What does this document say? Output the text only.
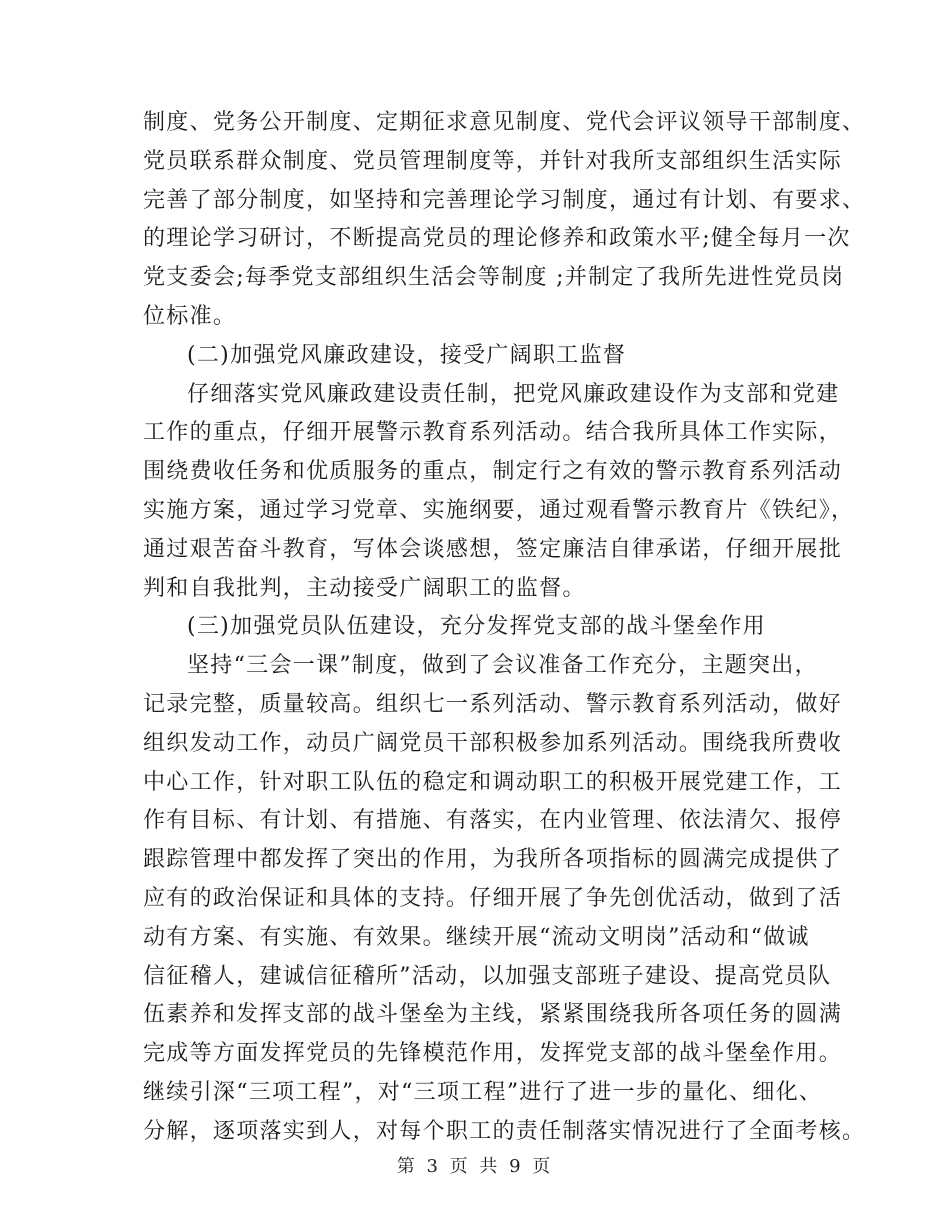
制度、党务公开制度、定期征求意见制度、党代会评议领导干部制度、
党员联系群众制度、党员管理制度等，并针对我所支部组织生活实际
完善了部分制度，如坚持和完善理论学习制度，通过有计划、有要求、
的理论学习研讨，不断提高党员的理论修养和政策水平;健全每月一次
党支委会;每季党支部组织生活会等制度 ;并制定了我所先进性党员岗
位标准。
(二)加强党风廉政建设，接受广阔职工监督
仔细落实党风廉政建设责任制，把党风廉政建设作为支部和党建
工作的重点，仔细开展警示教育系列活动。结合我所具体工作实际，
围绕费收任务和优质服务的重点，制定行之有效的警示教育系列活动
实施方案，通过学习党章、实施纲要，通过观看警示教育片《铁纪》，
通过艰苦奋斗教育，写体会谈感想，签定廉洁自律承诺，仔细开展批
判和自我批判，主动接受广阔职工的监督。
(三)加强党员队伍建设，充分发挥党支部的战斗堡垒作用
坚持“三会一课”制度，做到了会议准备工作充分，主题突出，
记录完整，质量较高。组织七一系列活动、警示教育系列活动，做好
组织发动工作，动员广阔党员干部积极参加系列活动。围绕我所费收
中心工作，针对职工队伍的稳定和调动职工的积极开展党建工作，工
作有目标、有计划、有措施、有落实，在内业管理、依法清欠、报停
跟踪管理中都发挥了突出的作用，为我所各项指标的圆满完成提供了
应有的政治保证和具体的支持。仔细开展了争先创优活动，做到了活
动有方案、有实施、有效果。继续开展“流动文明岗”活动和“做诚
信征稽人，建诚信征稽所”活动，以加强支部班子建设、提高党员队
伍素养和发挥支部的战斗堡垒为主线，紧紧围绕我所各项任务的圆满
完成等方面发挥党员的先锋模范作用，发挥党支部的战斗堡垒作用。
继续引深“三项工程”，对“三项工程”进行了进一步的量化、细化、
分解，逐项落实到人，对每个职工的责任制落实情况进行了全面考核。
第 3 页 共 9 页
